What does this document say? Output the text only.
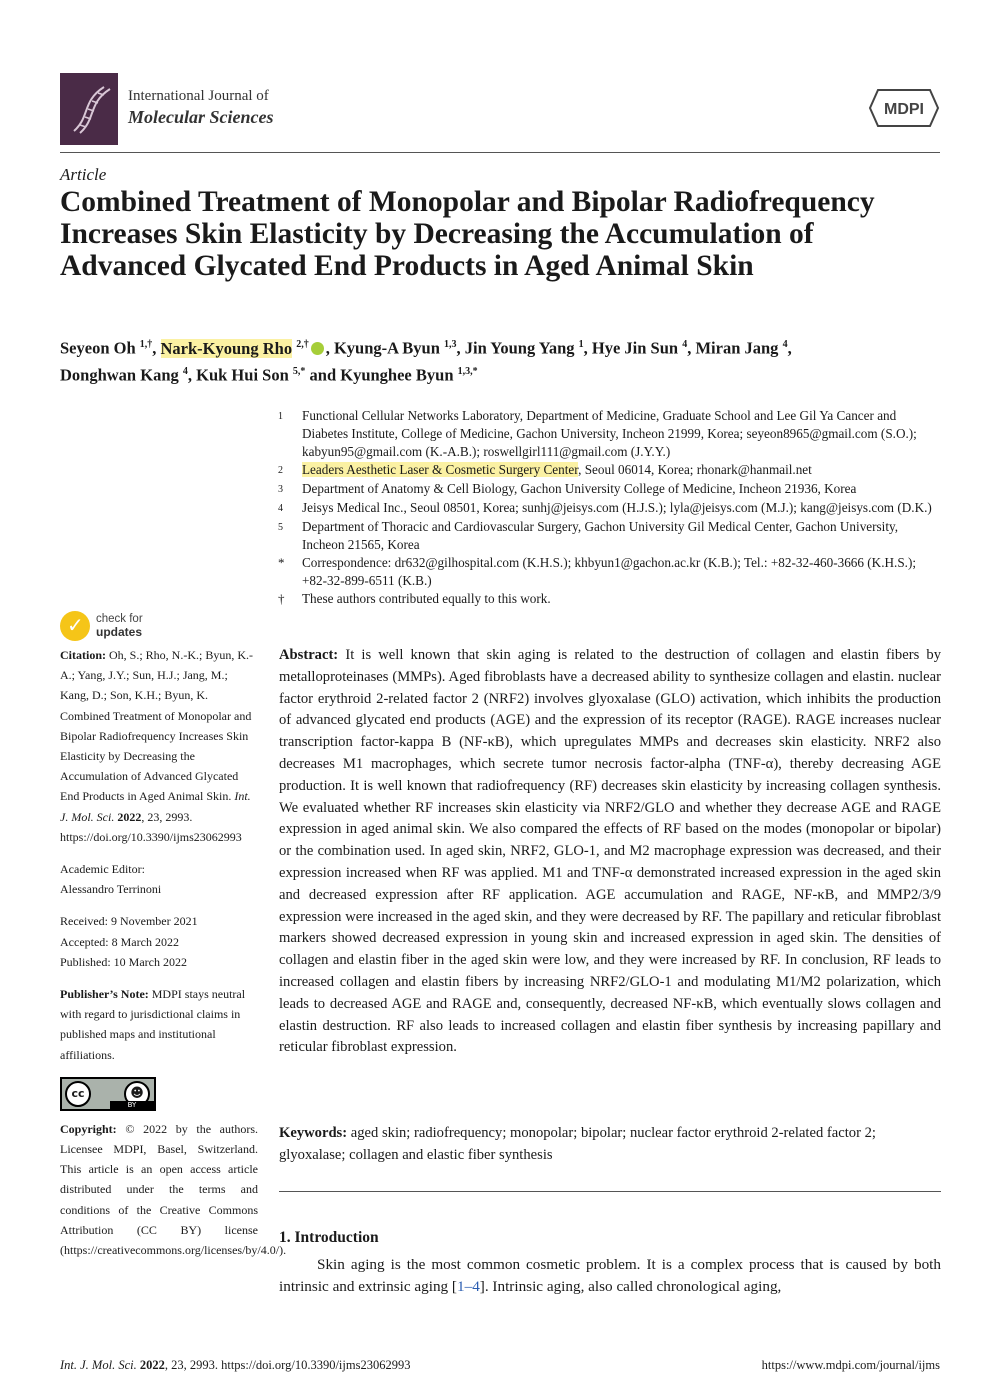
International Journal of
Molecular Sciences	MDPI
Article
Combined Treatment of Monopolar and Bipolar Radiofrequency Increases Skin Elasticity by Decreasing the Accumulation of Advanced Glycated End Products in Aged Animal Skin
Seyeon Oh $^{1,\dagger}$, Nark-Kyoung Rho $^{2,\dagger}$ , Kyung-A Byun $^{1,3}$, Jin Young Yang $^1$, Hye Jin Sun $^4$, Miran Jang $^4$,
Donghwan Kang $^4$, Kuk Hui Son $^{5,*}$ and Kyunghee Byun $^{1,3,*}$
1	Functional Cellular Networks Laboratory, Department of Medicine, Graduate School and Lee Gil Ya Cancer and Diabetes Institute, College of Medicine, Gachon University, Incheon 21999, Korea; seyeon8965@gmail.com (S.O.); kabyun95@gmail.com (K.-A.B.); roswellgirl111@gmail.com (J.Y.Y.)
2	Leaders Aesthetic Laser & Cosmetic Surgery Center, Seoul 06014, Korea; rhonark@hanmail.net
3	Department of Anatomy & Cell Biology, Gachon University College of Medicine, Incheon 21936, Korea
4	Jeisys Medical Inc., Seoul 08501, Korea; sunhj@jeisys.com (H.J.S.); lyla@jeisys.com (M.J.); kang@jeisys.com (D.K.)
5	Department of Thoracic and Cardiovascular Surgery, Gachon University Gil Medical Center, Gachon University, Incheon 21565, Korea
*	Correspondence: dr632@gilhospital.com (K.H.S.); khbyun1@gachon.ac.kr (K.B.); Tel.: +82-32-460-3666 (K.H.S.); +82-32-899-6511 (K.B.)
†	These authors contributed equally to this work.
✓
check for
updates
Citation: Oh, S.; Rho, N.-K.; Byun, K.-A.; Yang, J.Y.; Sun, H.J.; Jang, M.; Kang, D.; Son, K.H.; Byun, K. Combined Treatment of Monopolar and Bipolar Radiofrequency Increases Skin Elasticity by Decreasing the Accumulation of Advanced Glycated End Products in Aged Animal Skin. Int. J. Mol. Sci. 2022, 23, 2993. https://doi.org/10.3390/ijms23062993
Academic Editor:
Alessandro Terrinoni
Received: 9 November 2021
Accepted: 8 March 2022
Published: 10 March 2022
Publisher’s Note: MDPI stays neutral with regard to jurisdictional claims in published maps and institutional affiliations.
cc	☻
BY
Copyright: © 2022 by the authors. Licensee MDPI, Basel, Switzerland. This article is an open access article distributed under the terms and conditions of the Creative Commons Attribution (CC BY) license (https://creativecommons.org/licenses/by/4.0/).
Abstract: It is well known that skin aging is related to the destruction of collagen and elastin fibers by metalloproteinases (MMPs). Aged fibroblasts have a decreased ability to synthesize collagen and elastin. nuclear factor erythroid 2-related factor 2 (NRF2) involves glyoxalase (GLO) activation, which inhibits the production of advanced glycated end products (AGE) and the expression of its receptor (RAGE). RAGE increases nuclear transcription factor-kappa B (NF-κB), which upregulates MMPs and decreases skin elasticity. NRF2 also decreases M1 macrophages, which secrete tumor necrosis factor-alpha (TNF-α), thereby decreasing AGE production. It is well known that radiofrequency (RF) decreases skin elasticity by increasing collagen synthesis. We evaluated whether RF increases skin elasticity via NRF2/GLO and whether they decrease AGE and RAGE expression in aged animal skin. We also compared the effects of RF based on the modes (monopolar or bipolar) or the combination used. In aged skin, NRF2, GLO-1, and M2 macrophage expression was decreased, and their expression increased when RF was applied. M1 and TNF-α demonstrated increased expression in the aged skin and decreased expression after RF application. AGE accumulation and RAGE, NF-κB, and MMP2/3/9 expression were increased in the aged skin, and they were decreased by RF. The papillary and reticular fibroblast markers showed decreased expression in young skin and increased expression in aged skin. The densities of collagen and elastin fiber in the aged skin were low, and they were increased by RF. In conclusion, RF leads to increased collagen and elastin fibers by increasing NRF2/GLO-1 and modulating M1/M2 polarization, which leads to decreased AGE and RAGE and, consequently, decreased NF-κB, which eventually slows collagen and elastin destruction. RF also leads to increased collagen and elastin fiber synthesis by increasing papillary and reticular fibroblast expression.
Keywords: aged skin; radiofrequency; monopolar; bipolar; nuclear factor erythroid 2-related factor 2; glyoxalase; collagen and elastic fiber synthesis
1. Introduction
Skin aging is the most common cosmetic problem. It is a complex process that is caused by both intrinsic and extrinsic aging [1–4]. Intrinsic aging, also called chronological aging,
Int. J. Mol. Sci. 2022, 23, 2993. https://doi.org/10.3390/ijms23062993	https://www.mdpi.com/journal/ijms
